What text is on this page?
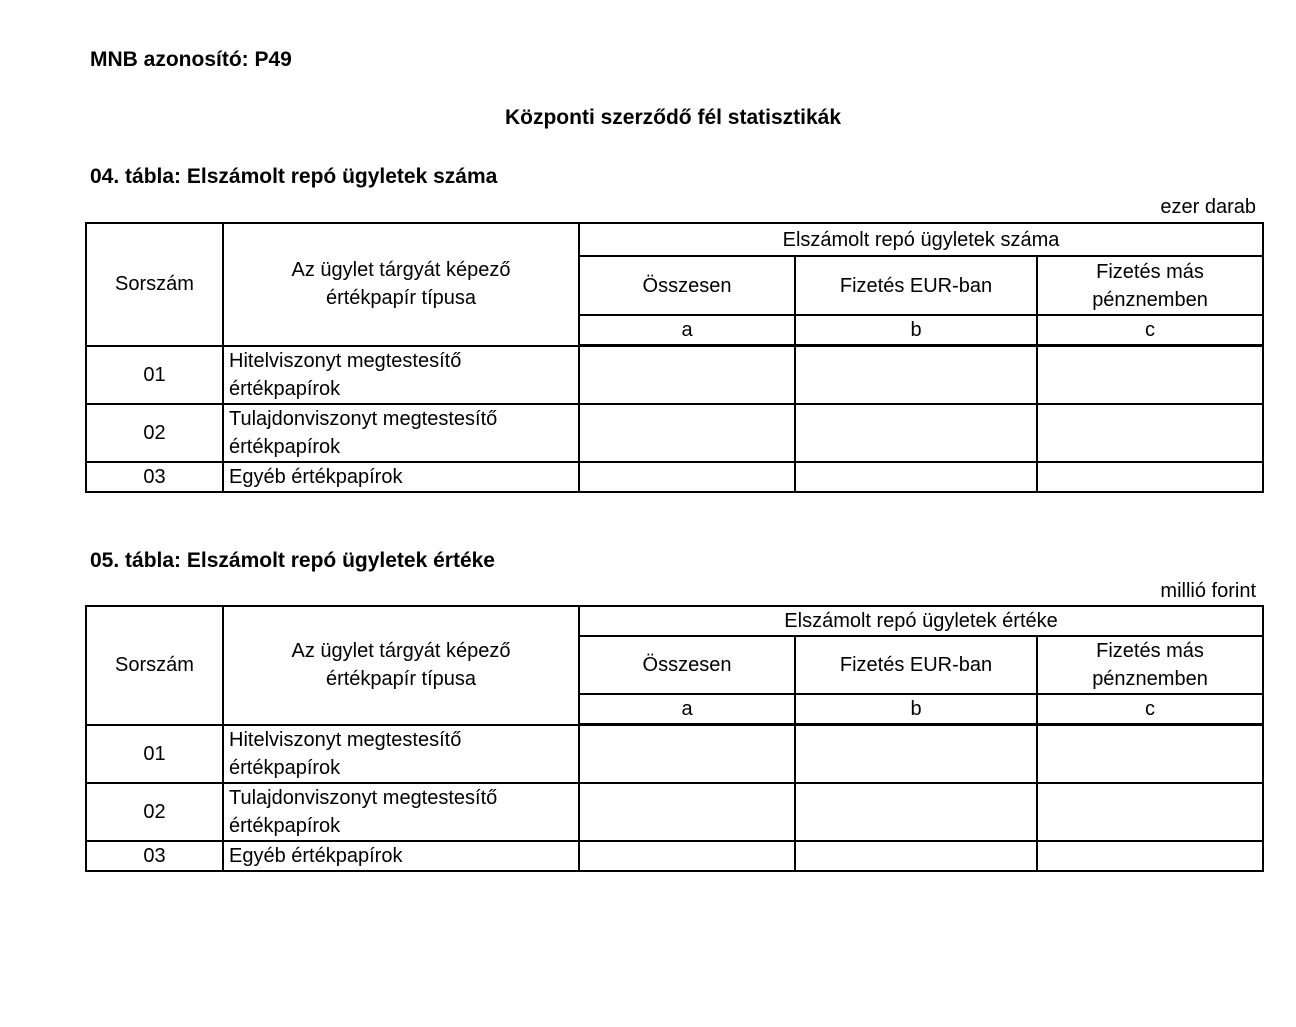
MNB azonosító: P49
Központi szerződő fél statisztikák
04. tábla: Elszámolt repó ügyletek száma
ezer darab
Sorszám	Az ügylet tárgyát képező
értékpapír típusa	Elszámolt repó ügyletek száma		
		Összesen	Fizetés EUR-ban	Fizetés más
pénznemben

		a	b	c
01	Hitelviszonyt megtestesítő
értékpapírok			

02	Tulajdonviszonyt megtestesítő
értékpapírok			

03	Egyéb értékpapírok			
05. tábla: Elszámolt repó ügyletek értéke
millió forint
Sorszám	Az ügylet tárgyát képező
értékpapír típusa	Elszámolt repó ügyletek értéke		
		Összesen	Fizetés EUR-ban	Fizetés más
pénznemben

		a	b	c
01	Hitelviszonyt megtestesítő
értékpapírok			

02	Tulajdonviszonyt megtestesítő
értékpapírok			

03	Egyéb értékpapírok			
